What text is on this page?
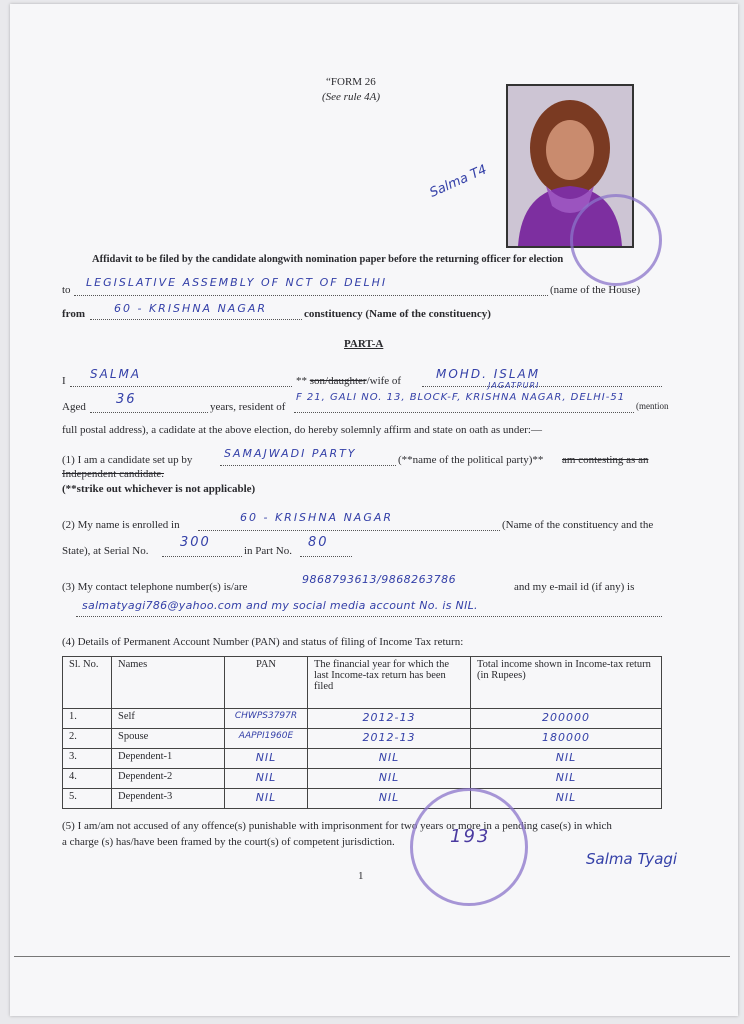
“FORM 26
(See rule 4A)
Salma T4
Affidavit to be filed by the candidate alongwith nomination paper before the returning officer for election
to
LEGISLATIVE ASSEMBLY OF NCT OF DELHI
(name of the House)
from	60 - KRISHNA NAGAR	constituency (Name of the constituency)
PART-A
I SALMA	** son/daughter/wife of	MOHD. ISLAM
Aged 36	years, resident of
JAGATPURI
F 21, GALI NO. 13, BLOCK-F, KRISHNA NAGAR, DELHI-51
(mention
full postal address), a cadidate at the above election, do hereby solemnly affirm and state on oath as under:—
(1) I am a candidate set up by	SAMAJWADI PARTY	(**name of the political party)** am contesting as an
Independent candidate.
(**strike out whichever is not applicable)
(2) My name is enrolled in
60 - KRISHNA NAGAR
(Name of the constituency and the
State), at Serial No.
300
in Part No.
80
(3) My contact telephone number(s) is/are
9868793613/9868263786
and my e-mail id (if any) is
salmatyagi786@yahoo.com and my social media account No. is NIL.
(4) Details of Permanent Account Number (PAN) and status of filing of Income Tax return:
Sl. No.	Names	PAN	The financial year for which the last Income-tax return has been filed	Total income shown in Income-tax return (in Rupees)
1.	Self	CHWPS3797R	2012-13	200000
2.	Spouse	AAPPI1960E	2012-13	180000
3.	Dependent-1	NIL	NIL	NIL
4.	Dependent-2	NIL	NIL	NIL
5.	Dependent-3	NIL	NIL	NIL
(5) I am/am not accused of any offence(s) punishable with imprisonment for two years or more in a pending case(s) in which
a charge (s) has/have been framed by the court(s) of competent jurisdiction.	193
1
Salma Tyagi
